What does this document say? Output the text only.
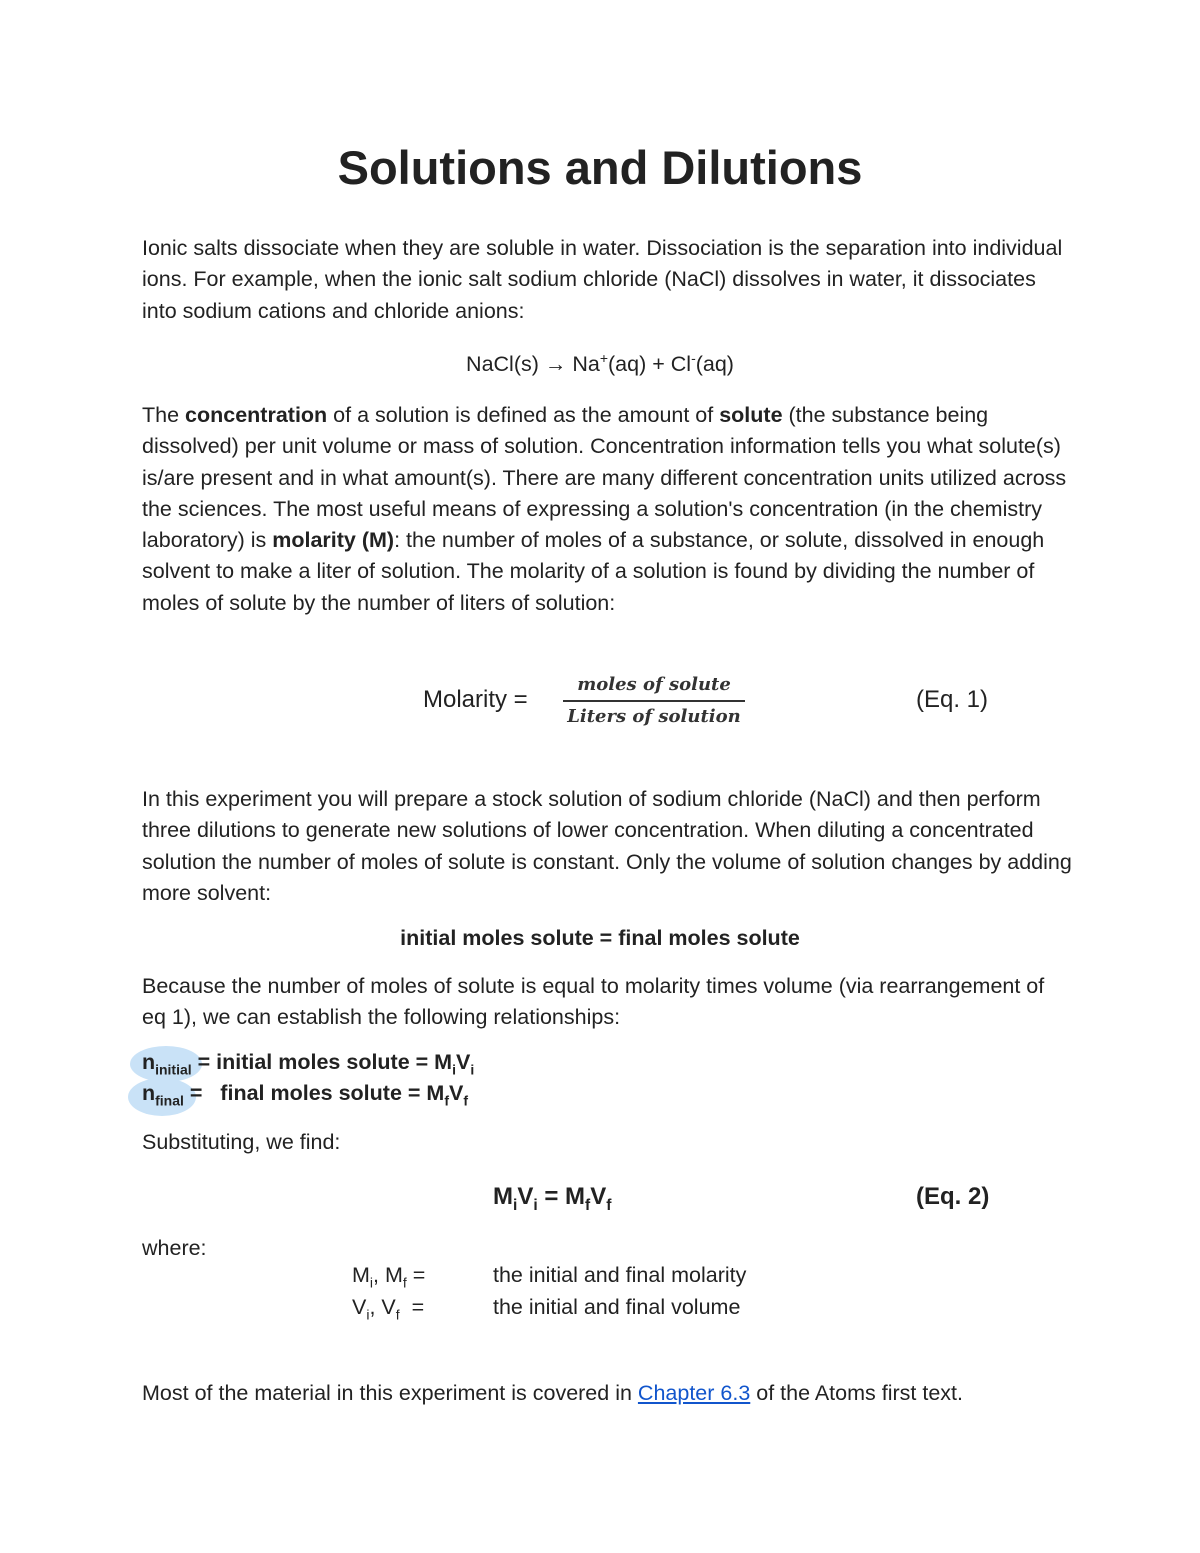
Solutions and Dilutions
Ionic salts dissociate when they are soluble in water. Dissociation is the separation into individual ions. For example, when the ionic salt sodium chloride (NaCl) dissolves in water, it dissociates into sodium cations and chloride anions:
NaCl(s) → Na+(aq) + Cl-(aq)
The concentration of a solution is defined as the amount of solute (the substance being dissolved) per unit volume or mass of solution. Concentration information tells you what solute(s) is/are present and in what amount(s). There are many different concentration units utilized across the sciences. The most useful means of expressing a solution's concentration (in the chemistry laboratory) is molarity (M): the number of moles of a substance, or solute, dissolved in enough solvent to make a liter of solution. The molarity of a solution is found by dividing the number of moles of solute by the number of liters of solution:
Molarity =
moles of solute
Liters of solution
(Eq. 1)
In this experiment you will prepare a stock solution of sodium chloride (NaCl) and then perform three dilutions to generate new solutions of lower concentration. When diluting a concentrated solution the number of moles of solute is constant. Only the volume of solution changes by adding more solvent:
initial moles solute = final moles solute
Because the number of moles of solute is equal to molarity times volume (via rearrangement of eq 1), we can establish the following relationships:
$n_{initial}$ = initial moles solute = $M_iV_i$
$n_{final}$ =   final moles solute = $M_fV_f$
Substituting, we find:
$M_iV_i = M_fV_f$	(Eq. 2)
where:
$M_i$, $M_f$ =	the initial and final molarity
$V_i$, $V_f$  =	the initial and final volume
Most of the material in this experiment is covered in Chapter 6.3 of the Atoms first text.
